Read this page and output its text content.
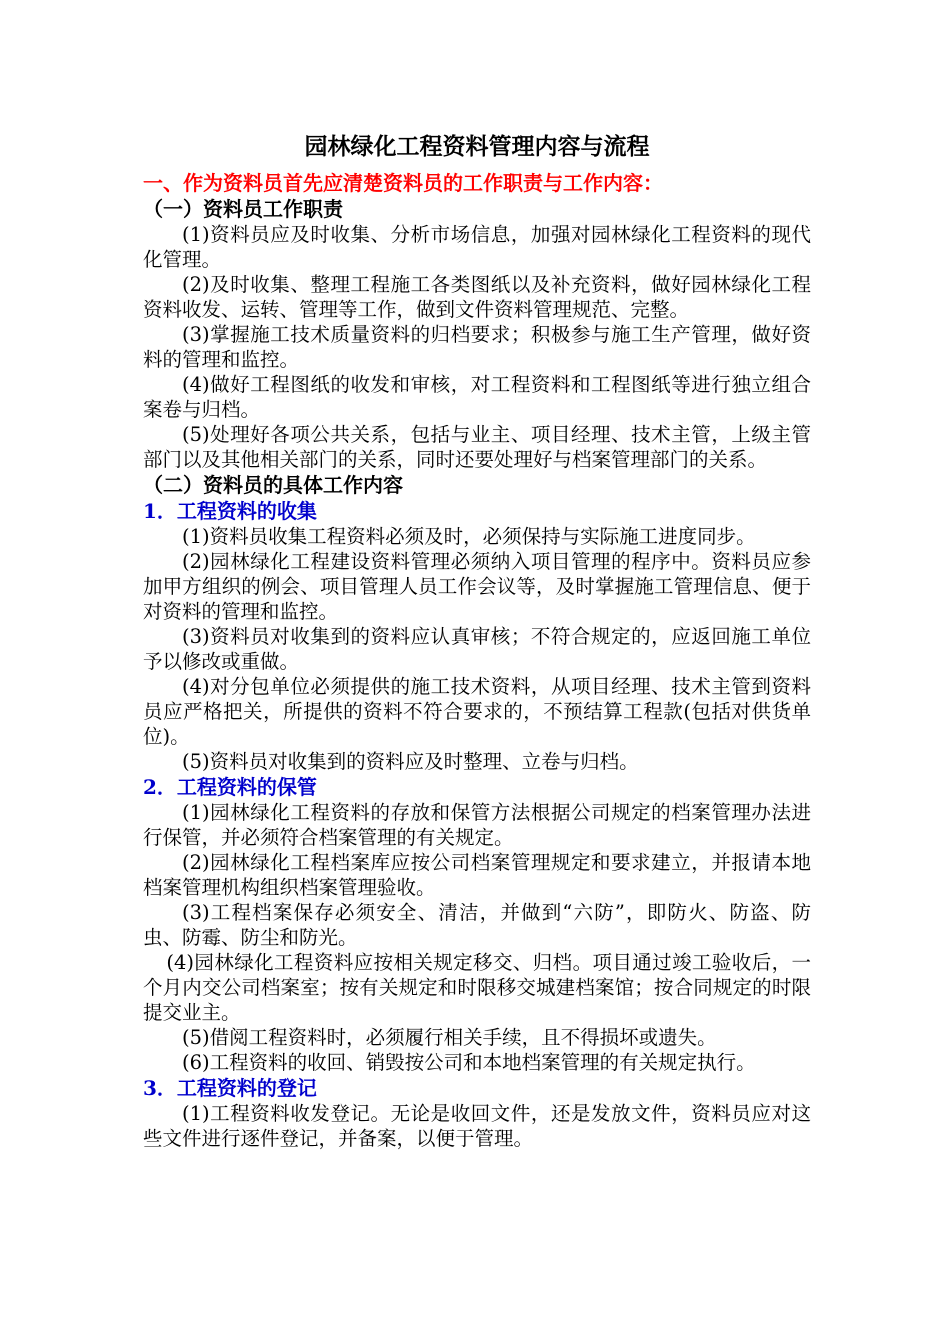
园林绿化工程资料管理内容与流程
一、作为资料员首先应清楚资料员的工作职责与工作内容：
（一）资料员工作职责
(1)资料员应及时收集、分析市场信息，加强对园林绿化工程资料的现代化管理。
(2)及时收集、整理工程施工各类图纸以及补充资料，做好园林绿化工程资料收发、运转、管理等工作，做到文件资料管理规范、完整。
(3)掌握施工技术质量资料的归档要求；积极参与施工生产管理，做好资料的管理和监控。
(4)做好工程图纸的收发和审核，对工程资料和工程图纸等进行独立组合案卷与归档。
(5)处理好各项公共关系，包括与业主、项目经理、技术主管，上级主管部门以及其他相关部门的关系，同时还要处理好与档案管理部门的关系。
（二）资料员的具体工作内容
1．工程资料的收集
(1)资料员收集工程资料必须及时，必须保持与实际施工进度同步。
(2)园林绿化工程建设资料管理必须纳入项目管理的程序中。资料员应参加甲方组织的例会、项目管理人员工作会议等，及时掌握施工管理信息、便于对资料的管理和监控。
(3)资料员对收集到的资料应认真审核；不符合规定的，应返回施工单位予以修改或重做。
(4)对分包单位必须提供的施工技术资料，从项目经理、技术主管到资料员应严格把关，所提供的资料不符合要求的，不预结算工程款(包括对供货单位)。
(5)资料员对收集到的资料应及时整理、立卷与归档。
2．工程资料的保管
(1)园林绿化工程资料的存放和保管方法根据公司规定的档案管理办法进行保管，并必须符合档案管理的有关规定。
(2)园林绿化工程档案库应按公司档案管理规定和要求建立，并报请本地档案管理机构组织档案管理验收。
(3)工程档案保存必须安全、清洁，并做到“六防”，即防火、防盗、防虫、防霉、防尘和防光。
(4)园林绿化工程资料应按相关规定移交、归档。项目通过竣工验收后，一个月内交公司档案室；按有关规定和时限移交城建档案馆；按合同规定的时限提交业主。
(5)借阅工程资料时，必须履行相关手续，且不得损坏或遗失。
(6)工程资料的收回、销毁按公司和本地档案管理的有关规定执行。
3．工程资料的登记
(1)工程资料收发登记。无论是收回文件，还是发放文件，资料员应对这些文件进行逐件登记，并备案，以便于管理。
